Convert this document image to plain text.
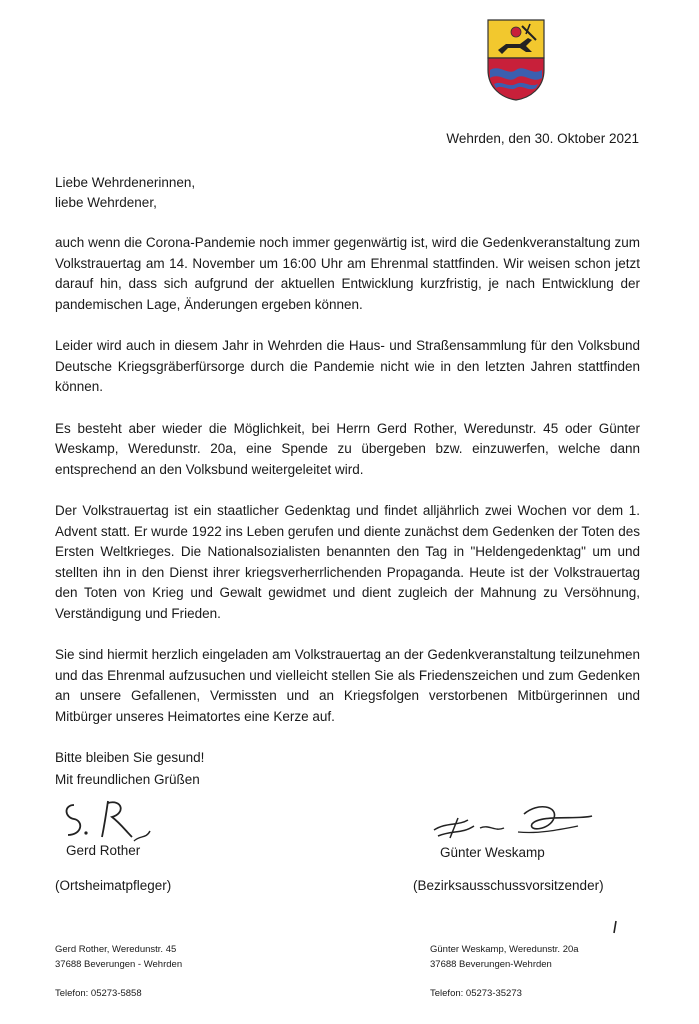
Wehrden, den 30. Oktober 2021
Liebe Wehrdenerinnen,
liebe Wehrdener,

auch wenn die Corona-Pandemie noch immer gegenwärtig ist, wird die Gedenkveranstaltung zum Volkstrauertag am 14. November um 16:00 Uhr am Ehrenmal stattfinden. Wir weisen schon jetzt darauf hin, dass sich aufgrund der aktuellen Entwicklung kurzfristig, je nach Entwicklung der pandemischen Lage, Änderungen ergeben können.

Leider wird auch in diesem Jahr in Wehrden die Haus- und Straßensammlung für den Volksbund Deutsche Kriegsgräberfürsorge durch die Pandemie nicht wie in den letzten Jahren stattfinden können.

Es besteht aber wieder die Möglichkeit, bei Herrn Gerd Rother, Weredunstr. 45 oder Günter Weskamp, Weredunstr. 20a, eine Spende zu übergeben bzw. einzuwerfen, welche dann entsprechend an den Volksbund weitergeleitet wird.

Der Volkstrauertag ist ein staatlicher Gedenktag und findet alljährlich zwei Wochen vor dem 1. Advent statt. Er wurde 1922 ins Leben gerufen und diente zunächst dem Gedenken der Toten des Ersten Weltkrieges. Die Nationalsozialisten benannten den Tag in "Heldengedenktag" um und stellten ihn in den Dienst ihrer kriegsverherrlichenden Propaganda. Heute ist der Volkstrauertag den Toten von Krieg und Gewalt gewidmet und dient zugleich der Mahnung zu Versöhnung, Verständigung und Frieden.

Sie sind hiermit herzlich eingeladen am Volkstrauertag an der Gedenkveranstaltung teilzunehmen und das Ehrenmal aufzusuchen und vielleicht stellen Sie als Friedenszeichen und zum Gedenken an unsere Gefallenen, Vermissten und an Kriegsfolgen verstorbenen Mitbürgerinnen und Mitbürger unseres Heimatortes eine Kerze auf.

Bitte bleiben Sie gesund!

Mit freundlichen Grüßen
Gerd Rother	Günter Weskamp
(Ortsheimatpfleger)	(Bezirksausschussvorsitzender)
Gerd Rother, Weredunstr. 45
37688 Beverungen - Wehrden
Telefon: 05273-5858
Günter Weskamp, Weredunstr. 20a
37688 Beverungen-Wehrden
Telefon: 05273-35273
